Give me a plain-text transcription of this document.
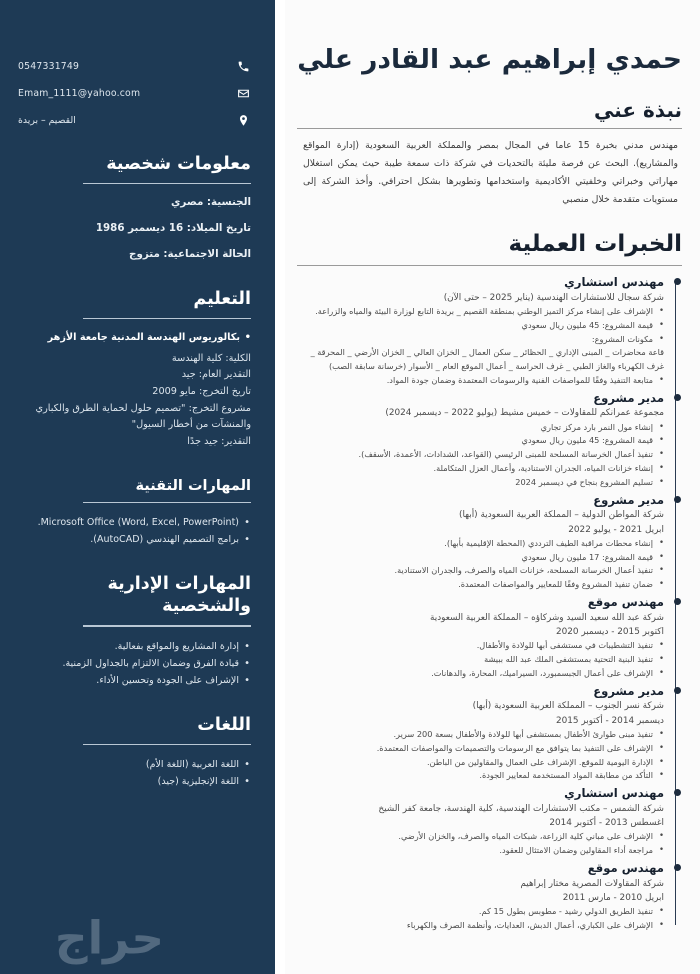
حمدي إبراهيم عبد القادر علي
نبذة عني
مهندس مدني بخبرة 15 عاما في المجال بمصر والمملكة العربية السعودية (إدارة المواقع والمشاريع). البحث عن فرصة مليئة بالتحديات في شركة ذات سمعة طيبة حيث يمكن استغلال مهاراتي وخبراتي وخلفيتي الأكاديمية واستخدامها وتطويرها بشكل احترافي. وأخذ الشركة إلى مستويات متقدمة خلال منصبي
الخبرات العملية
مهندس استشاري
شركة سجال للاستشارات الهندسية (يناير 2025 – حتى الآن)
• الإشراف على إنشاء مركز التميز الوطني بمنطقة القصيم _ بريدة التابع لوزارة البيئة والمياه والزراعة.
• قيمة المشروع: 45 مليون ريال سعودي
• مكونات المشروع:
قاعة محاضرات _ المبنى الإداري _ الحظائر _ سكن العمال _ الخزان العالي _ الخزان الأرضي _ المحرقة _ غرف الكهرباء والغاز الطبي _ غرف الحراسة _ أعمال الموقع العام _ الأسوار (خرسانة سابقة الصب)
• متابعة التنفيذ وفقًا للمواصفات الفنية والرسومات المعتمدة وضمان جودة المواد.
مدير مشروع
مجموعة عمرانكم للمقاولات – خميس مشيط (يوليو 2022 – ديسمبر 2024)
• إنشاء مول النمر بارد مركز تجاري
• قيمة المشروع: 45 مليون ريال سعودي
• تنفيذ أعمال الخرسانة المسلحة للمبنى الرئيسي (القواعد، الشدادات، الأعمدة، الأسقف).
• إنشاء خزانات المياه، الجدران الاستنادية، وأعمال العزل المتكاملة.
• تسليم المشروع بنجاح في ديسمبر 2024
مدير مشروع
شركة المواطن الدولية – المملكة العربية السعودية (أبها)
ابريل 2021 - يوليو 2022
• إنشاء محطات مراقبة الطيف الترددي (المحطة الإقليمية بأبها).
• قيمة المشروع: 17 مليون ريال سعودي
• تنفيذ أعمال الخرسانة المسلحة، خزانات المياه والصرف، والجدران الاستنادية.
• ضمان تنفيذ المشروع وفقًا للمعايير والمواصفات المعتمدة.
مهندس موقع
شركة عبد الله سعيد السيد وشركاؤه – المملكة العربية السعودية
اكتوبر 2015 - ديسمبر 2020
• تنفيذ التشطيبات في مستشفى أبها للولادة والأطفال.
• تنفيذ البنية التحتية بمستشفى الملك عبد الله ببيشة
• الإشراف على أعمال الجبسمبورد، السيراميك، المحارة، والدهانات.
مدير مشروع
شركة نسر الجنوب – المملكة العربية السعودية (أبها)
ديسمبر 2014 - أكتوبر 2015
• تنفيذ مبنى طوارئ الأطفال بمستشفى أبها للولادة والأطفال بسعة 200 سرير.
• الإشراف على التنفيذ بما يتوافق مع الرسومات والتصميمات والمواصفات المعتمدة.
• الإدارة اليومية للموقع. الإشراف على العمال والمقاولين من الباطن.
• التأكد من مطابقة المواد المستخدمة لمعايير الجودة.
مهندس استشاري
شركة الشمس – مكتب الاستشارات الهندسية، كلية الهندسة، جامعة كفر الشيخ
اغسطس 2013 - أكتوبر 2014
• الإشراف على مباني كلية الزراعة، شبكات المياه والصرف، والخزان الأرضي.
• مراجعة أداء المقاولين وضمان الامتثال للعقود.
مهندس موقع
شركة المقاولات المصرية مختار إبراهيم
ابريل 2010 - مارس 2011
• تنفيذ الطريق الدولي رشيد - مطوبس بطول 15 كم.
• الإشراف على الكباري، أعمال الدبش، العدايات، وأنظمة الصرف والكهرباء
0547331749
Emam_1111@yahoo.com
القصيم – بريدة
معلومات شخصية
الجنسية: مصري
تاريخ الميلاد: 16 ديسمبر 1986
الحالة الاجتماعية: متزوج
التعليم
• بكالوريوس الهندسة المدنية جامعة الأزهر
الكلية: كلية الهندسة
التقدير العام: جيد
تاريخ التخرج: مايو 2009
مشروع التخرج: "تصميم حلول لحماية الطرق والكباري والمنشآت من أخطار السيول"
التقدير: جيد جدًا
المهارات التقنية
• Microsoft Office (Word, Excel, PowerPoint).
• برامج التصميم الهندسي (AutoCAD).
المهارات الإدارية والشخصية
• إدارة المشاريع والمواقع بفعالية.
• قيادة الفرق وضمان الالتزام بالجداول الزمنية.
• الإشراف على الجودة وتحسين الأداء.
اللغات
• اللغة العربية (اللغة الأم)
• اللغة الإنجليزية (جيد)
حراج
